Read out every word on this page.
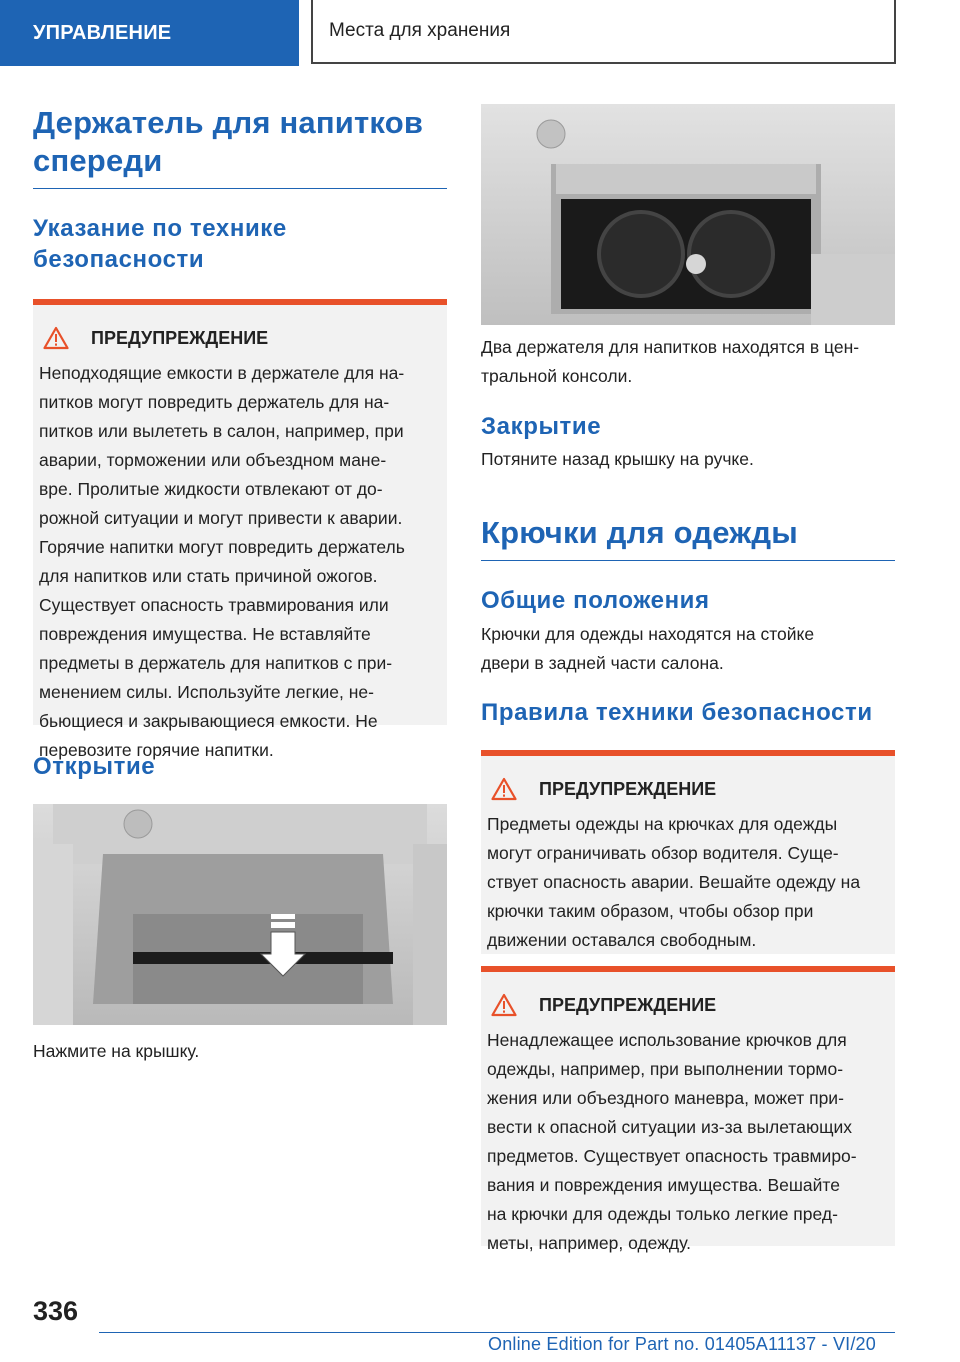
УПРАВЛЕНИЕ	Места для хранения
Держатель для напитков спереди
Указание по технике безопасности
ПРЕДУПРЕЖДЕНИЕ

Неподходящие емкости в держателе для на-

питков могут повредить держатель для на-

питков или вылететь в салон, например, при

аварии, торможении или объездном мане-

вре. Пролитые жидкости отвлекают от до-

рожной ситуации и могут привести к аварии.

Горячие напитки могут повредить держатель

для напитков или стать причиной ожогов.

Существует опасность травмирования или

повреждения имущества. Не вставляйте

предметы в держатель для напитков с при-

менением силы. Используйте легкие, не-

бьющиеся и закрывающиеся емкости. Не

перевозите горячие напитки.

Открытие

Нажмите на крышку.

Два держателя для напитков находятся в цен-

тральной консоли.

Закрытие

Потяните назад крышку на ручке.

Крючки для одежды
Общие положения

Крючки для одежды находятся на стойке

двери в задней части салона.

Правила техники безопасности
ПРЕДУПРЕЖДЕНИЕ

Предметы одежды на крючках для одежды

могут ограничивать обзор водителя. Суще-

ствует опасность аварии. Вешайте одежду на

крючки таким образом, чтобы обзор при

движении оставался свободным.

ПРЕДУПРЕЖДЕНИЕ

Ненадлежащее использование крючков для

одежды, например, при выполнении тормо-

жения или объездного маневра, может при-

вести к опасной ситуации из-за вылетающих

предметов. Существует опасность травмиро-

вания и повреждения имущества. Вешайте

на крючки для одежды только легкие пред-

меты, например, одежду.

336
Online Edition for Part no. 01405A11137 - VI/20
